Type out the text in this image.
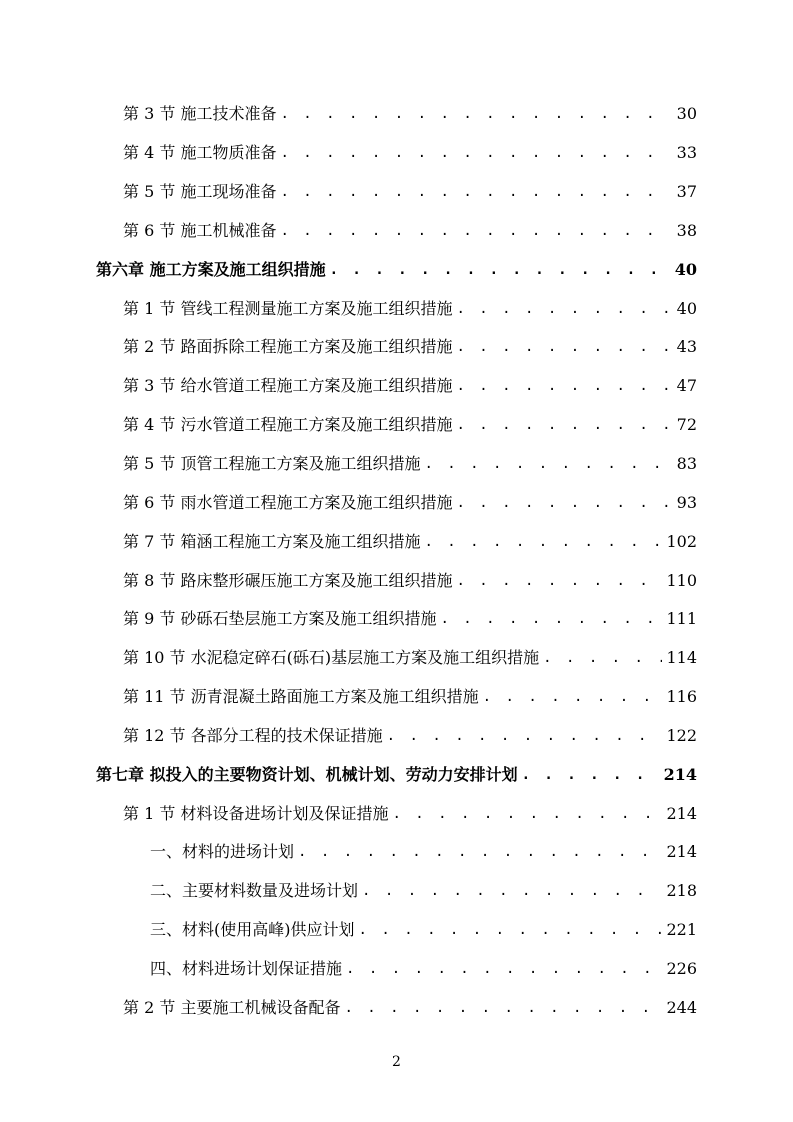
第 3 节 施工技术准备 . . .	30
第 4 节 施工物质准备 . . .	33
第 5 节 施工现场准备 . . .	37
第 6 节 施工机械准备 . . .	38
第六章 施工方案及施工组织措施 . . .	40
第 1 节 管线工程测量施工方案及施工组织措施 . . .	40
第 2 节 路面拆除工程施工方案及施工组织措施 . . .	43
第 3 节 给水管道工程施工方案及施工组织措施 . . .	47
第 4 节 污水管道工程施工方案及施工组织措施 . . .	72
第 5 节 顶管工程施工方案及施工组织措施 . . .	83
第 6 节 雨水管道工程施工方案及施工组织措施 . . .	93
第 7 节 箱涵工程施工方案及施工组织措施 . . .	102
第 8 节 路床整形碾压施工方案及施工组织措施 . . .	110
第 9 节 砂砾石垫层施工方案及施工组织措施 . . .	111
第 10 节 水泥稳定碎石(砾石)基层施工方案及施工组织措施 . . .	114
第 11 节 沥青混凝土路面施工方案及施工组织措施 . . .	116
第 12 节 各部分工程的技术保证措施 . . .	122
第七章 拟投入的主要物资计划、机械计划、劳动力安排计划 . . .	214
第 1 节 材料设备进场计划及保证措施 . . .	214
一、材料的进场计划 . . .	214
二、主要材料数量及进场计划 . . .	218
三、材料(使用高峰)供应计划 . . .	221
四、材料进场计划保证措施 . . .	226
第 2 节 主要施工机械设备配备 . . .	244
2
